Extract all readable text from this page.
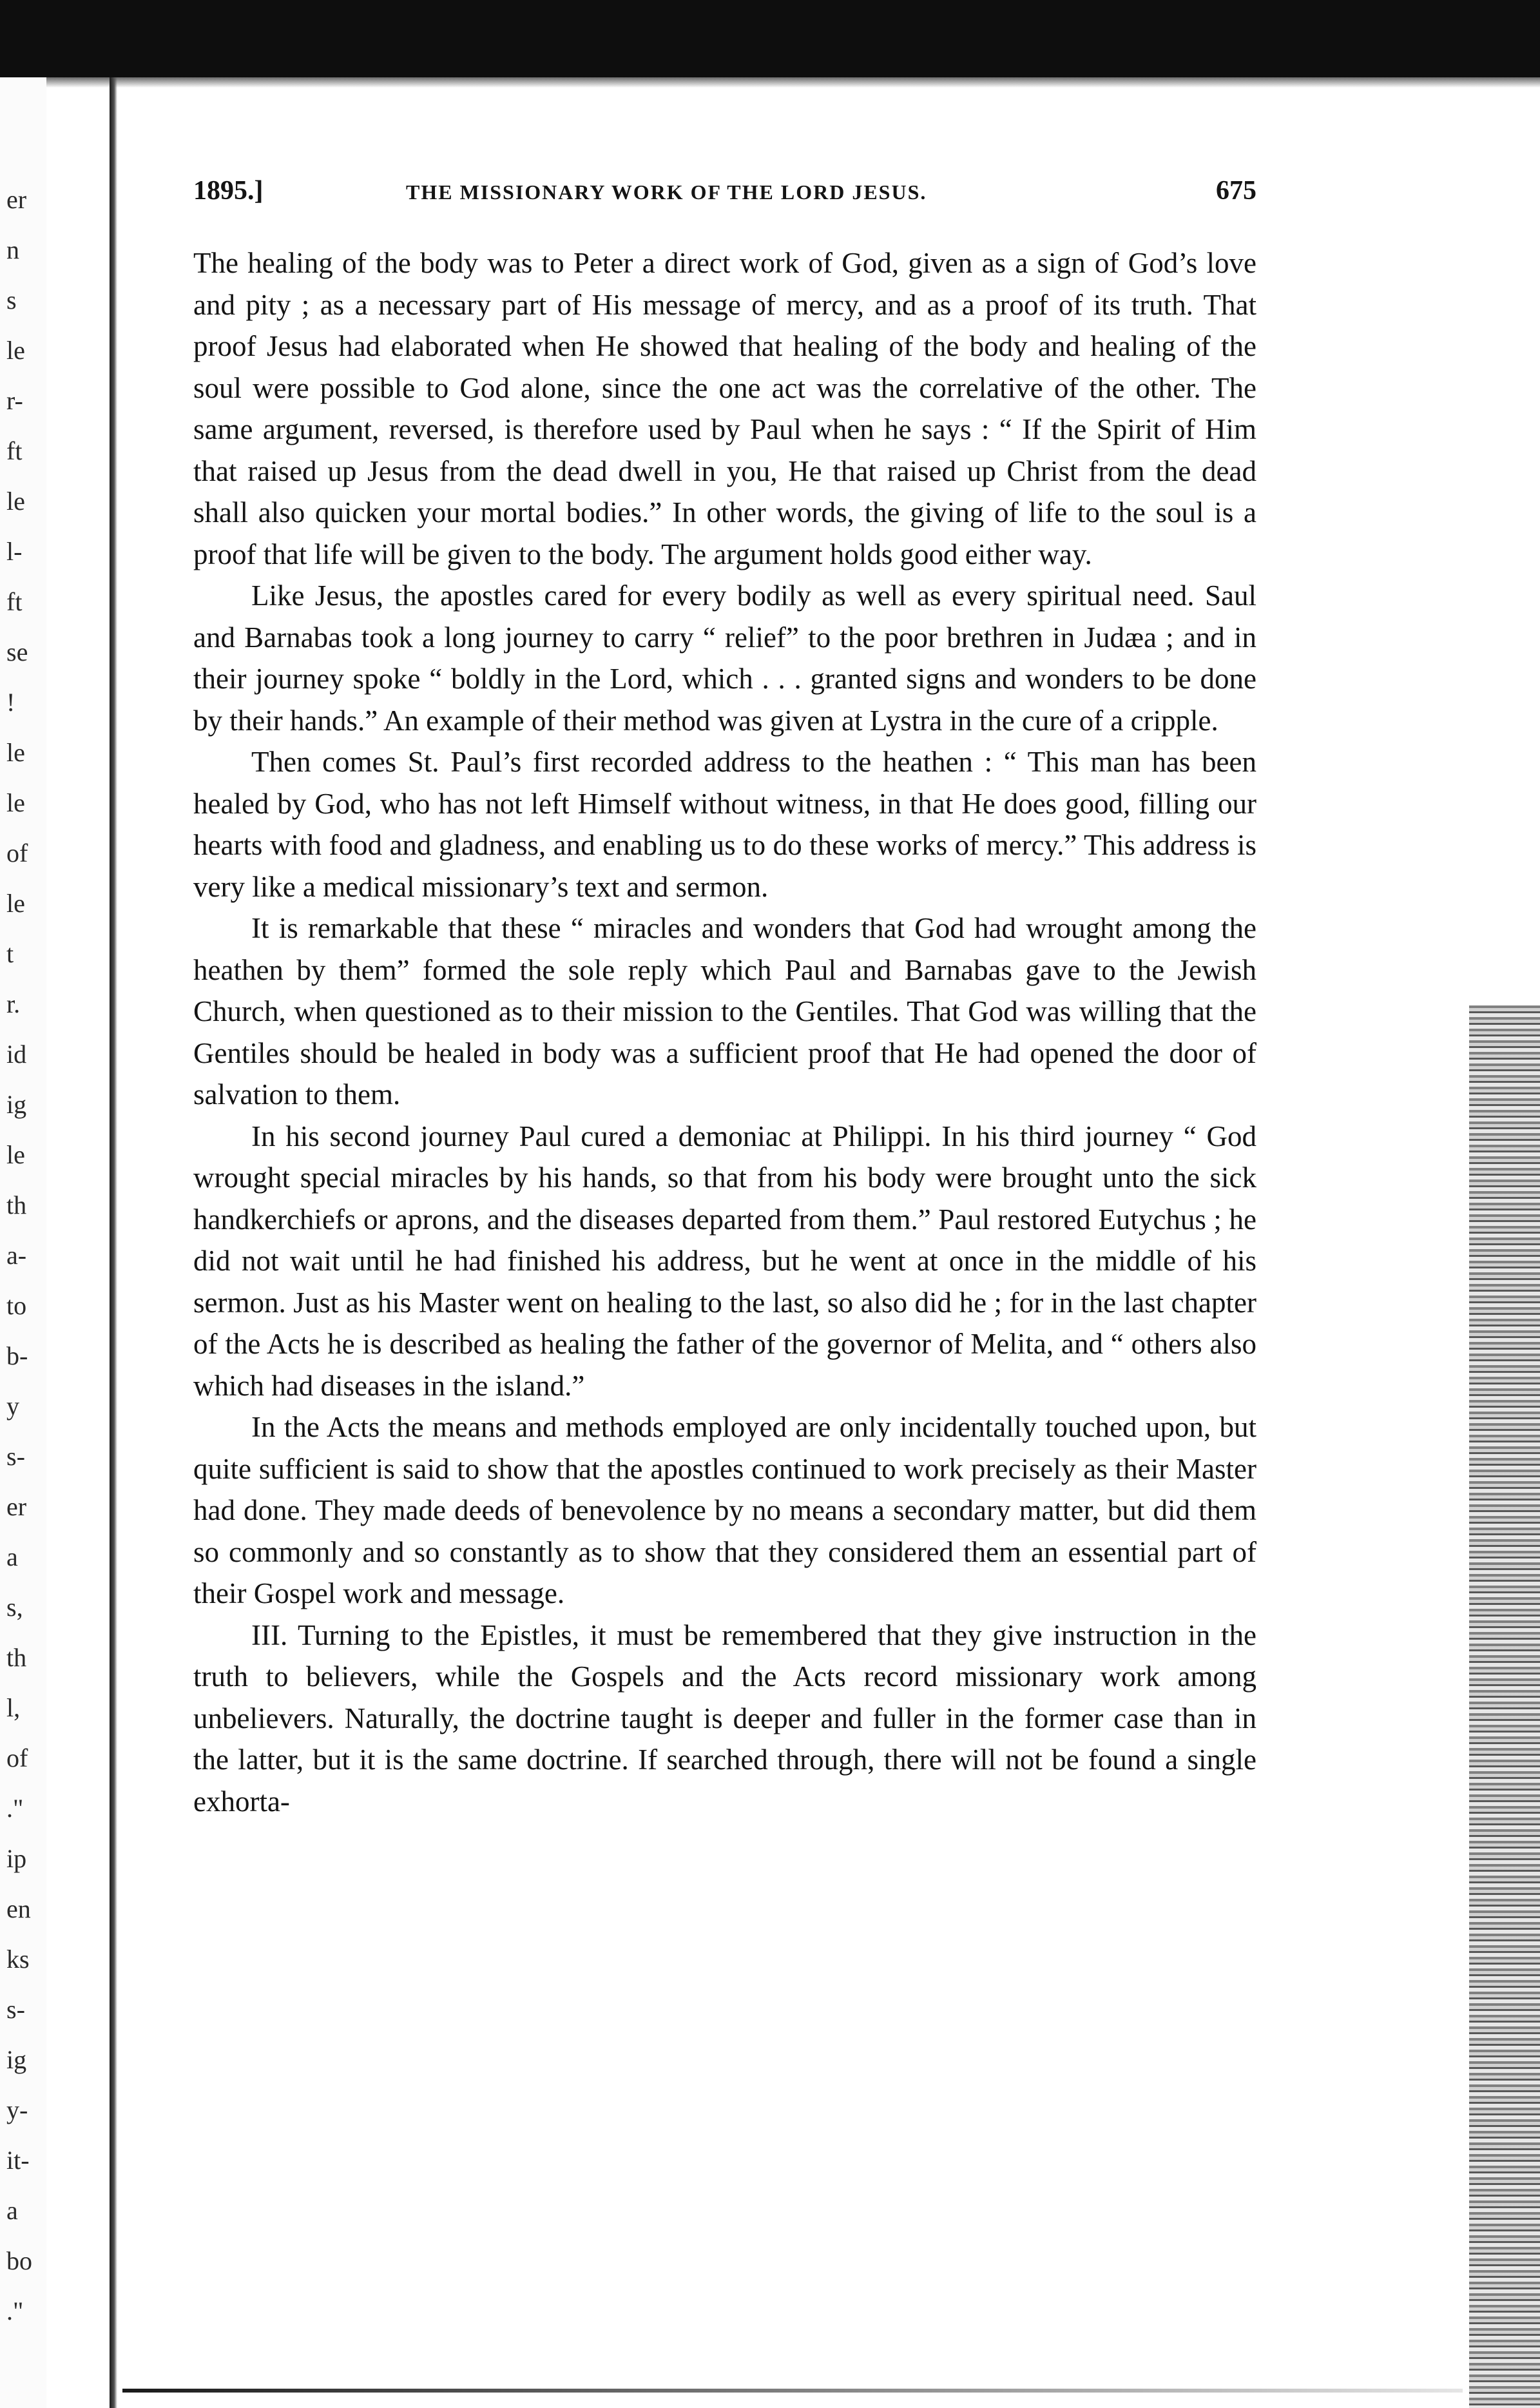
er
n
s
le
r-
ft
le
l-
ft
se
!
le
le
of
le
t
r.
id
ig
le
th
a-
to
b-
y
s-
er
a
s,
th
l,
of
."
ip
en
ks
s-
ig
y-
it-
a
bo
."
1895.]	THE MISSIONARY WORK OF THE LORD JESUS.	675

The healing of the body was to Peter a direct work of God, given as a sign of God’s love and pity ; as a necessary part of His message of mercy, and as a proof of its truth. That proof Jesus had elaborated when He showed that healing of the body and healing of the soul were possible to God alone, since the one act was the correlative of the other. The same argument, reversed, is therefore used by Paul when he says : “ If the Spirit of Him that raised up Jesus from the dead dwell in you, He that raised up Christ from the dead shall also quicken your mortal bodies.” In other words, the giving of life to the soul is a proof that life will be given to the body. The argument holds good either way.

Like Jesus, the apostles cared for every bodily as well as every spiritual need. Saul and Barnabas took a long journey to carry “ relief” to the poor brethren in Judæa ; and in their journey spoke “ boldly in the Lord, which . . . granted signs and wonders to be done by their hands.” An example of their method was given at Lystra in the cure of a cripple.

Then comes St. Paul’s first recorded address to the heathen : “ This man has been healed by God, who has not left Himself without witness, in that He does good, filling our hearts with food and gladness, and enabling us to do these works of mercy.” This address is very like a medical missionary’s text and sermon.

It is remarkable that these “ miracles and wonders that God had wrought among the heathen by them” formed the sole reply which Paul and Barnabas gave to the Jewish Church, when questioned as to their mission to the Gentiles. That God was willing that the Gentiles should be healed in body was a sufficient proof that He had opened the door of salvation to them.

In his second journey Paul cured a demoniac at Philippi. In his third journey “ God wrought special miracles by his hands, so that from his body were brought unto the sick handkerchiefs or aprons, and the diseases departed from them.” Paul restored Eutychus ; he did not wait until he had finished his address, but he went at once in the middle of his sermon. Just as his Master went on healing to the last, so also did he ; for in the last chapter of the Acts he is described as healing the father of the governor of Melita, and “ others also which had diseases in the island.”

In the Acts the means and methods employed are only incidentally touched upon, but quite sufficient is said to show that the apostles continued to work precisely as their Master had done. They made deeds of benevolence by no means a secondary matter, but did them so commonly and so constantly as to show that they considered them an essential part of their Gospel work and message.

III. Turning to the Epistles, it must be remembered that they give instruction in the truth to believers, while the Gospels and the Acts record missionary work among unbelievers. Naturally, the doctrine taught is deeper and fuller in the former case than in the latter, but it is the same doctrine. If searched through, there will not be found a single exhorta-
